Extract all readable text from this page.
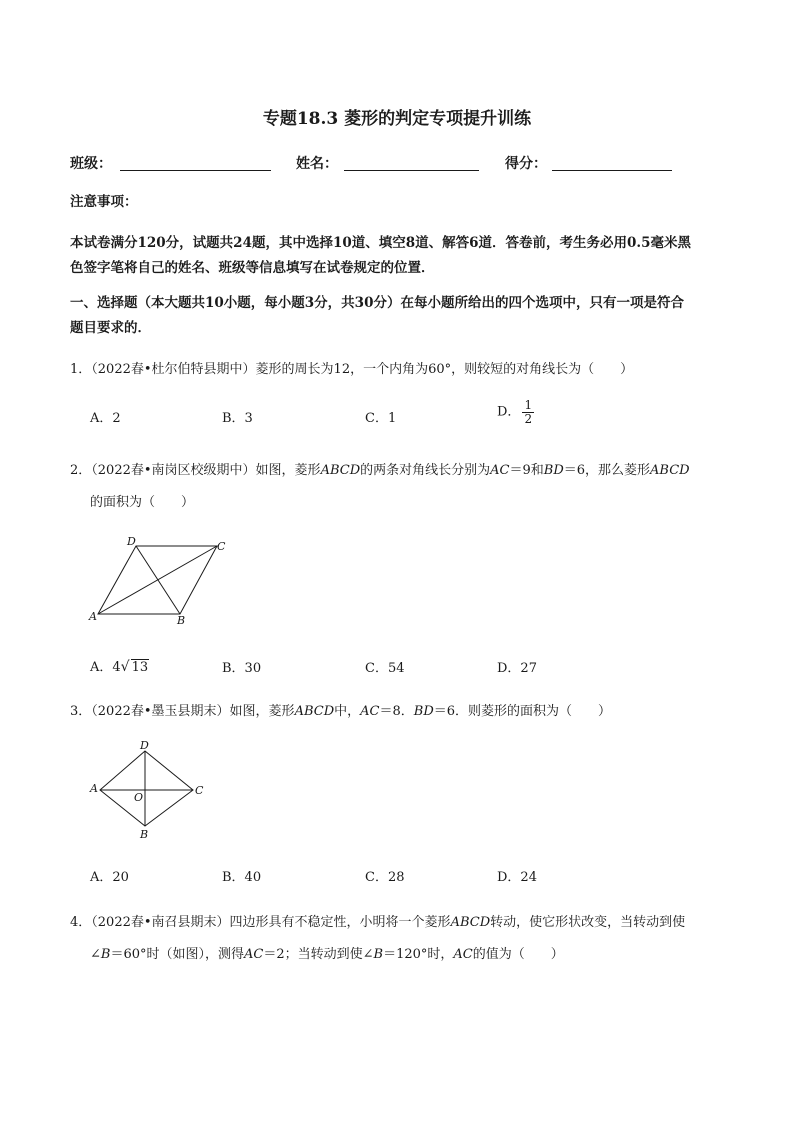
专题18.3 菱形的判定专项提升训练
班级：	姓名：	得分：
注意事项：
本试卷满分120分，试题共24题，其中选择10道、填空8道、解答6道．答卷前，考生务必用0.5毫米黑
色签字笔将自己的姓名、班级等信息填写在试卷规定的位置．
一、选择题（本大题共10小题，每小题3分，共30分）在每小题所给出的四个选项中，只有一项是符合
题目要求的．
1．（2022春•杜尔伯特县期中）菱形的周长为12，一个内角为60°，则较短的对角线长为（　　）
A．2	B．3	C．1	D． $\frac{1}{2}$
2．（2022春•南岗区校级期中）如图，菱形ABCD的两条对角线长分别为AC＝9和BD＝6，那么菱形ABCD
的面积为（　　）
D	C
A	B
A．4√ 13	B．30	C．54	D．27
3．（2022春•墨玉县期末）如图，菱形ABCD中，AC＝8．BD＝6．则菱形的面积为（　　）
D
A
O
C
B
A．20	B．40	C．28	D．24
4．（2022春•南召县期末）四边形具有不稳定性，小明将一个菱形ABCD转动，使它形状改变，当转动到使
∠B＝60°时（如图），测得AC＝2；当转动到使∠B＝120°时，AC的值为（　　）
